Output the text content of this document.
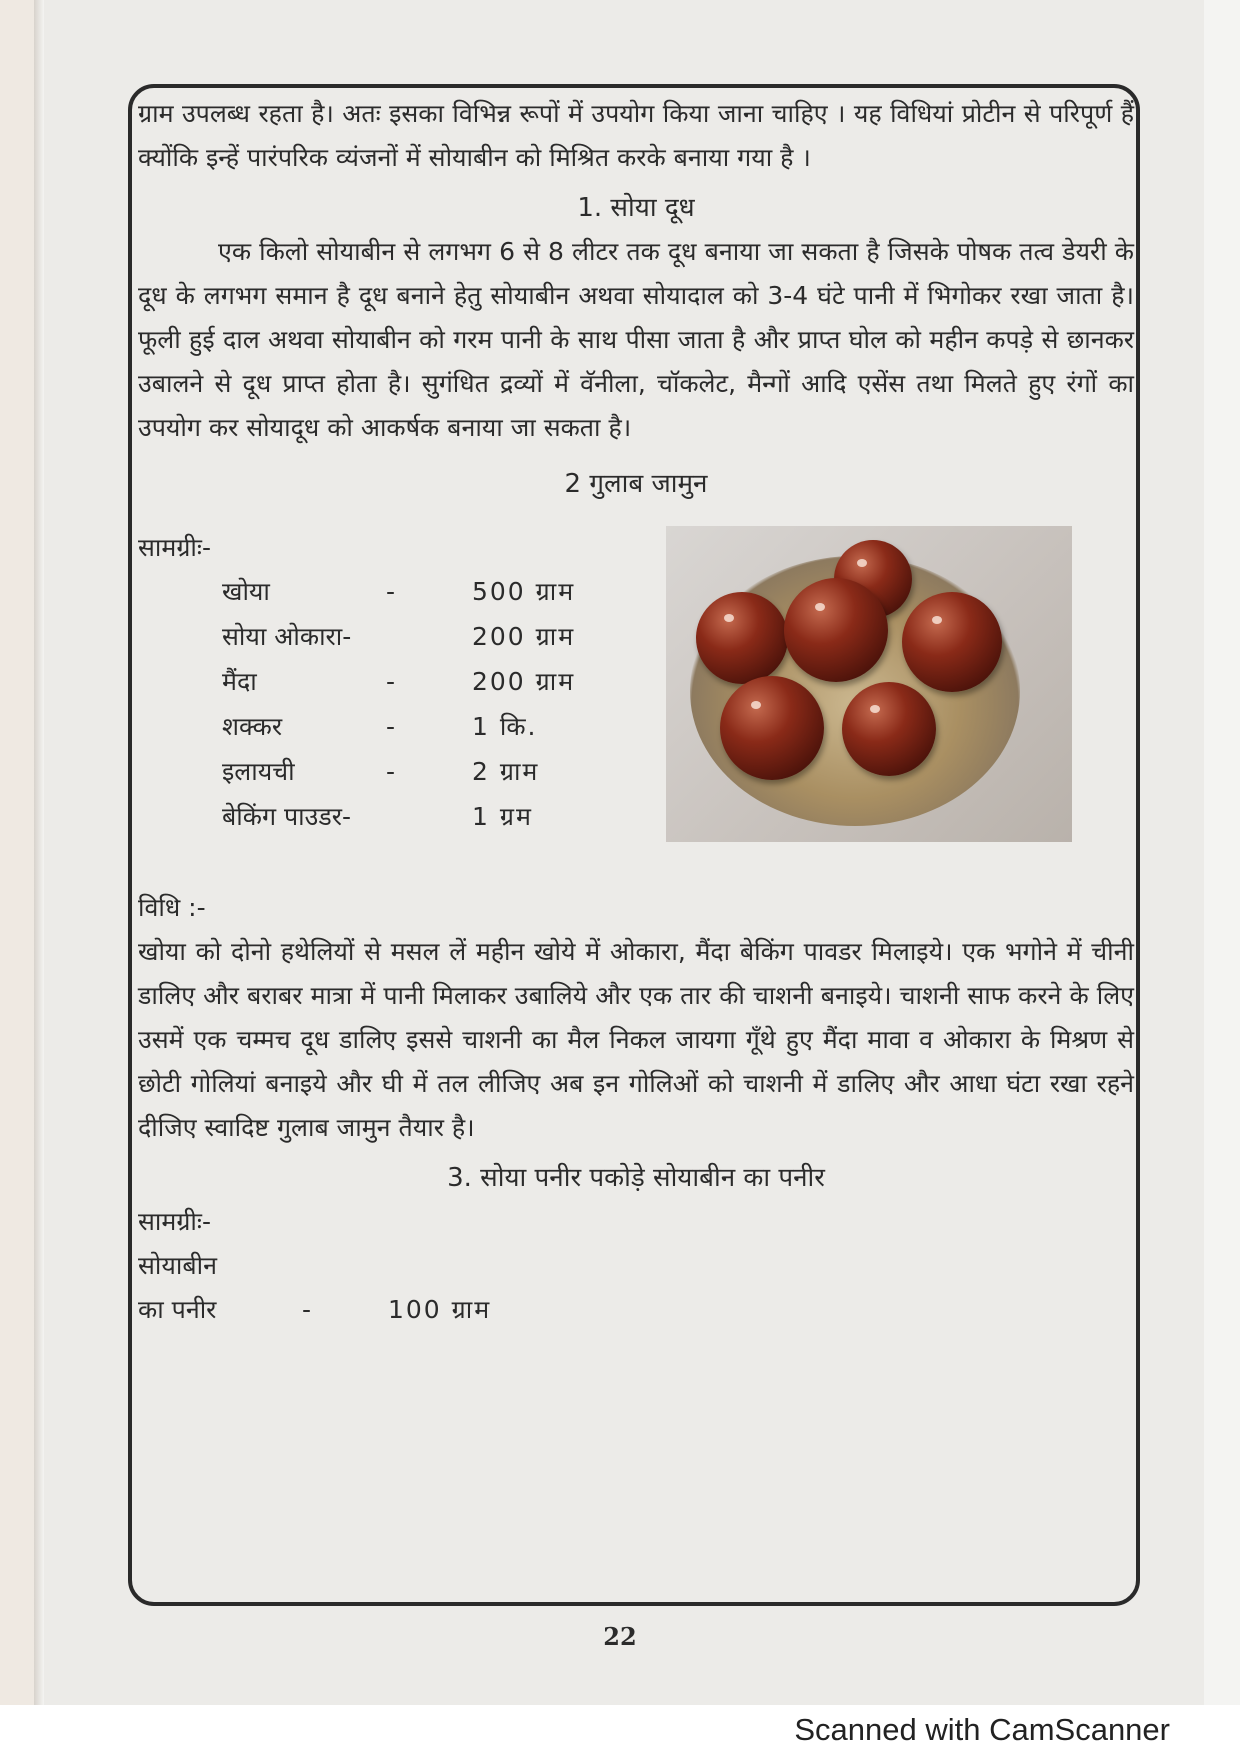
ग्राम उपलब्ध रहता है। अतः इसका विभिन्न रूपों में उपयोग किया जाना चाहिए । यह विधियां प्रोटीन से परिपूर्ण हैं क्योंकि इन्हें पारंपरिक व्यंजनों में सोयाबीन को मिश्रित करके बनाया गया है ।

1. सोया दूध

एक किलो सोयाबीन से लगभग 6 से 8 लीटर तक दूध बनाया जा सकता है जिसके पोषक तत्व डेयरी के दूध के लगभग समान है दूध बनाने हेतु सोयाबीन अथवा सोयादाल को 3-4 घंटे पानी में भिगोकर रखा जाता है। फूली हुई दाल अथवा सोयाबीन को गरम पानी के साथ पीसा जाता है और प्राप्त घोल को महीन कपड़े से छानकर उबालने से दूध प्राप्त होता है। सुगंधित द्रव्यों में वॅनीला, चॉकलेट, मैन्गों आदि एसेंस तथा मिलते हुए रंगों का उपयोग कर सोयादूध को आकर्षक बनाया जा सकता है।

2 गुलाब जामुन

सामग्रीः-

खोया	-	500 ग्राम
सोया ओकारा-	200 ग्राम
मैंदा	-	200 ग्राम
शक्कर	-	1 कि.
इलायची	-	2 ग्राम
बेकिंग पाउडर-	1 ग्रम

विधि :-

खोया को दोनो हथेलियों से मसल लें महीन खोये में ओकारा, मैंदा बेकिंग पावडर मिलाइये। एक भगोने में चीनी डालिए और बराबर मात्रा में पानी मिलाकर उबालिये और एक तार की चाशनी बनाइये। चाशनी साफ करने के लिए उसमें एक चम्मच दूध डालिए इससे चाशनी का मैल निकल जायगा गूँथे हुए मैंदा मावा व ओकारा के मिश्रण से छोटी गोलियां बनाइये और घी में तल लीजिए अब इन गोलिओं को चाशनी में डालिए और आधा घंटा रखा रहने दीजिए स्वादिष्ट गुलाब जामुन तैयार है।

3. सोया पनीर पकोड़े सोयाबीन का पनीर

सामग्रीः-

सोयाबीन

का पनीर	-	100 ग्राम
22
Scanned with CamScanner
